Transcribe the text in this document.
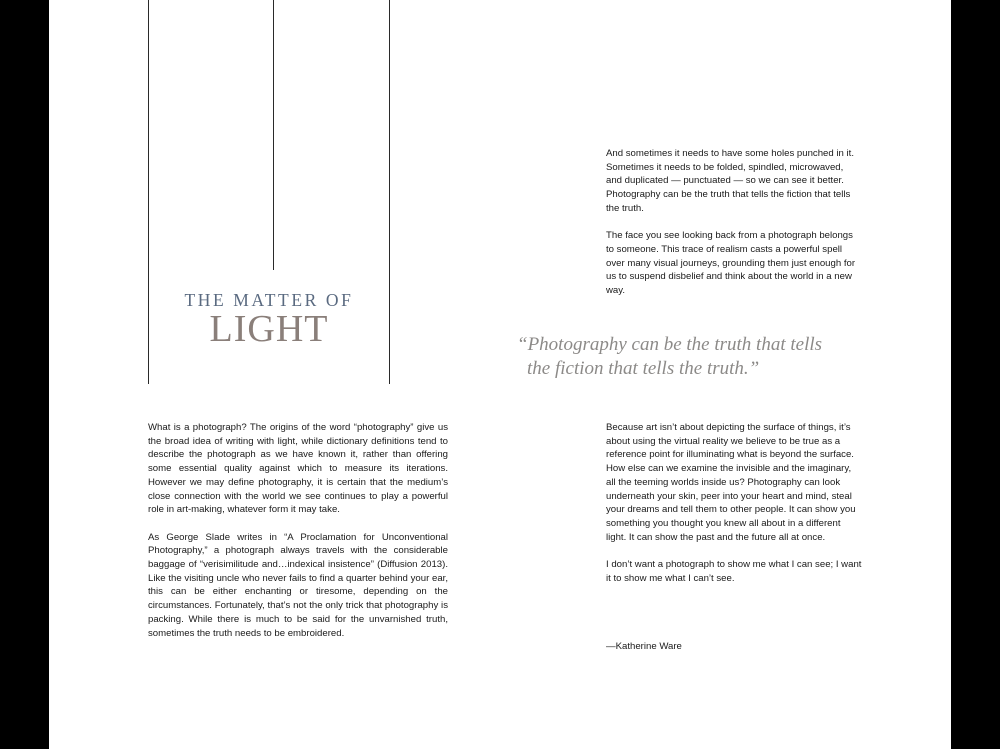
THE MATTER OF
LIGHT

What is a photograph? The origins of the word “photography” give us the broad idea of writing with light, while dictionary definitions tend to describe the photograph as we have known it, rather than offering some essential quality against which to measure its iterations. However we may define photography, it is certain that the medium’s close connection with the world we see continues to play a powerful role in art-making, whatever form it may take.

As George Slade writes in “A Proclamation for Unconventional Photography,” a photograph always travels with the considerable baggage of “verisimilitude and…indexical insistence” (Diffusion 2013). Like the visiting uncle who never fails to find a quarter behind your ear, this can be either enchanting or tiresome, depending on the circumstances. Fortunately, that’s not the only trick that photography is packing. While there is much to be said for the unvarnished truth, sometimes the truth needs to be embroidered.

And sometimes it needs to have some holes punched in it. Sometimes it needs to be folded, spindled, microwaved, and duplicated — punctuated — so we can see it better. Photography can be the truth that tells the fiction that tells the truth.

The face you see looking back from a photograph belongs to someone. This trace of realism casts a powerful spell over many visual journeys, grounding them just enough for us to suspend disbelief and think about the world in a new way.

“Photography can be the truth that tells
the fiction that tells the truth.”

Because art isn’t about depicting the surface of things, it’s about using the virtual reality we believe to be true as a reference point for illuminating what is beyond the surface. How else can we examine the invisible and the imaginary, all the teeming worlds inside us? Photography can look underneath your skin, peer into your heart and mind, steal your dreams and tell them to other people. It can show you something you thought you knew all about in a different light. It can show the past and the future all at once.

I don’t want a photograph to show me what I can see; I want it to show me what I can’t see.

—Katherine Ware
